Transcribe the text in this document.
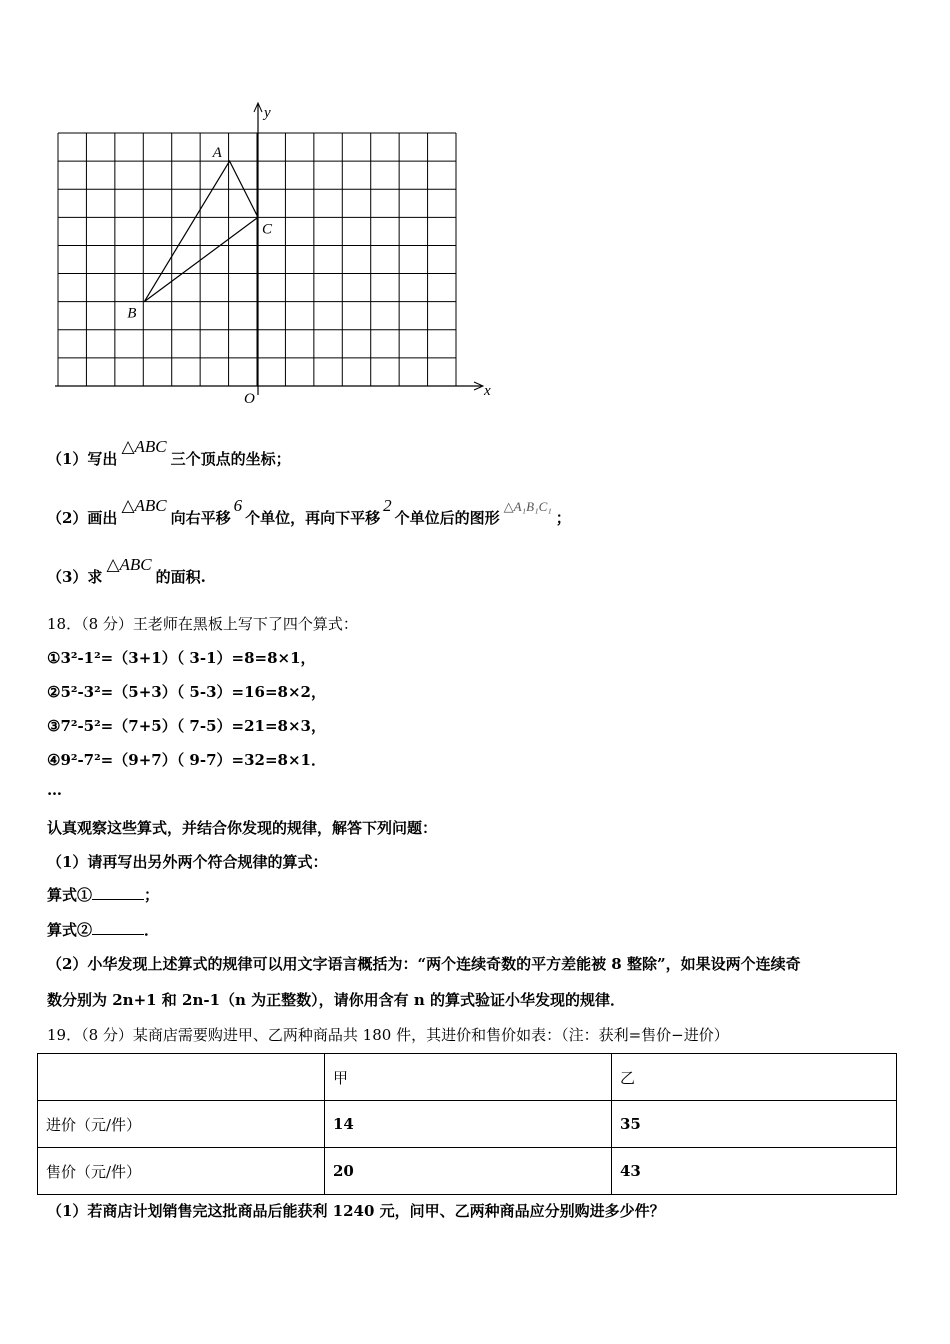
x
y
O
A
B
C
（1）写出△ABC三个顶点的坐标；
（2）画出△ABC向右平移6个单位，再向下平移2个单位后的图形△A₁B₁C₁；
（3）求△ABC的面积.
18．（8 分）王老师在黑板上写下了四个算式：
①3²-1²=（3+1）（ 3-1）=8=8×1，
②5²-3²=（5+3）（ 5-3）=16=8×2，
③7²-5²=（7+5）（ 7-5）=21=8×3，
④9²-7²=（9+7）（ 9-7）=32=8×1．
…
认真观察这些算式，并结合你发现的规律，解答下列问题：
（1）请再写出另外两个符合规律的算式：
算式①	；
算式②	．
（2）小华发现上述算式的规律可以用文字语言概括为：“两个连续奇数的平方差能被 8 整除”，如果设两个连续奇
数分别为 2n+1 和 2n-1（n 为正整数），请你用含有 n 的算式验证小华发现的规律．
19．（8 分）某商店需要购进甲、乙两种商品共 180 件，其进价和售价如表：（注：获利=售价−进价）
	甲	乙
进价（元/件）	14	35
售价（元/件）	20	43
（1）若商店计划销售完这批商品后能获利 1240 元，问甲、乙两种商品应分别购进多少件？
